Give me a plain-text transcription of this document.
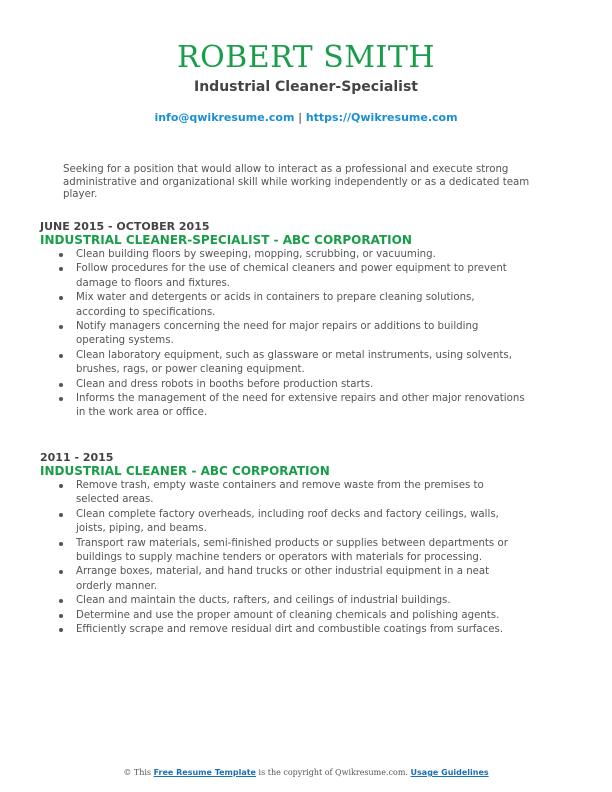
ROBERT SMITH
Industrial Cleaner-Specialist
info@qwikresume.com | https://Qwikresume.com
Seeking for a position that would allow to interact as a professional and execute strong administrative and organizational skill while working independently or as a dedicated team player.
JUNE 2015 - OCTOBER 2015
INDUSTRIAL CLEANER-SPECIALIST - ABC CORPORATION
Clean building floors by sweeping, mopping, scrubbing, or vacuuming.
Follow procedures for the use of chemical cleaners and power equipment to prevent damage to floors and fixtures.
Mix water and detergents or acids in containers to prepare cleaning solutions, according to specifications.
Notify managers concerning the need for major repairs or additions to building operating systems.
Clean laboratory equipment, such as glassware or metal instruments, using solvents, brushes, rags, or power cleaning equipment.
Clean and dress robots in booths before production starts.
Informs the management of the need for extensive repairs and other major renovations in the work area or office.
2011 - 2015
INDUSTRIAL CLEANER - ABC CORPORATION
Remove trash, empty waste containers and remove waste from the premises to selected areas.
Clean complete factory overheads, including roof decks and factory ceilings, walls, joists, piping, and beams.
Transport raw materials, semi-finished products or supplies between departments or buildings to supply machine tenders or operators with materials for processing.
Arrange boxes, material, and hand trucks or other industrial equipment in a neat orderly manner.
Clean and maintain the ducts, rafters, and ceilings of industrial buildings.
Determine and use the proper amount of cleaning chemicals and polishing agents.
Efficiently scrape and remove residual dirt and combustible coatings from surfaces.
© This Free Resume Template is the copyright of Qwikresume.com. Usage Guidelines
